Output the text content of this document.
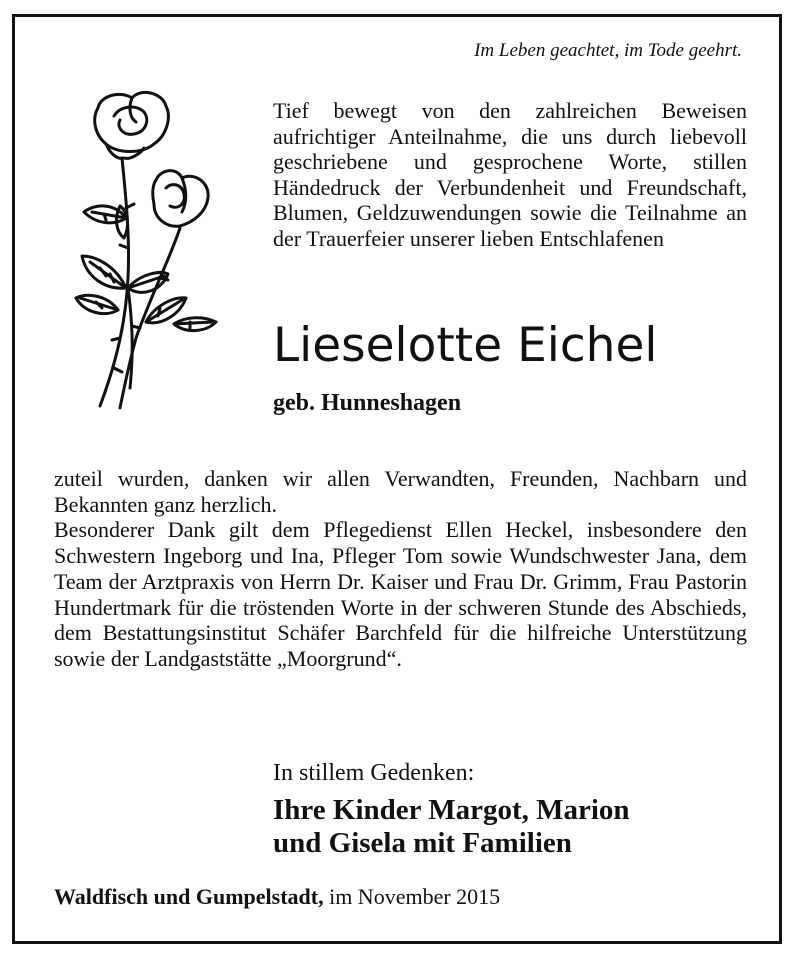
Im Leben geachtet, im Tode geehrt.
Tief bewegt von den zahlreichen Beweisen aufrichtiger Anteilnahme, die uns durch liebevoll geschriebene und gesprochene Worte, stillen Händedruck der Verbundenheit und Freundschaft, Blumen, Geldzuwendungen sowie die Teilnahme an der Trauerfeier unserer lieben Entschlafenen
Lieselotte Eichel
geb. Hunneshagen

zuteil wurden, danken wir allen Verwandten, Freunden, Nachbarn und Bekannten ganz herzlich.

Besonderer Dank gilt dem Pflegedienst Ellen Heckel, insbesondere den Schwestern Ingeborg und Ina, Pfleger Tom sowie Wundschwester Jana, dem Team der Arztpraxis von Herrn Dr. Kaiser und Frau Dr. Grimm, Frau Pastorin Hundertmark für die tröstenden Worte in der schweren Stunde des Abschieds, dem Bestattungsinstitut Schäfer Barchfeld für die hilfreiche Unterstützung sowie der Landgaststätte „Moorgrund“.

In stillem Gedenken:
Ihre Kinder Margot, Marion
und Gisela mit Familien
Waldfisch und Gumpelstadt, im November 2015
